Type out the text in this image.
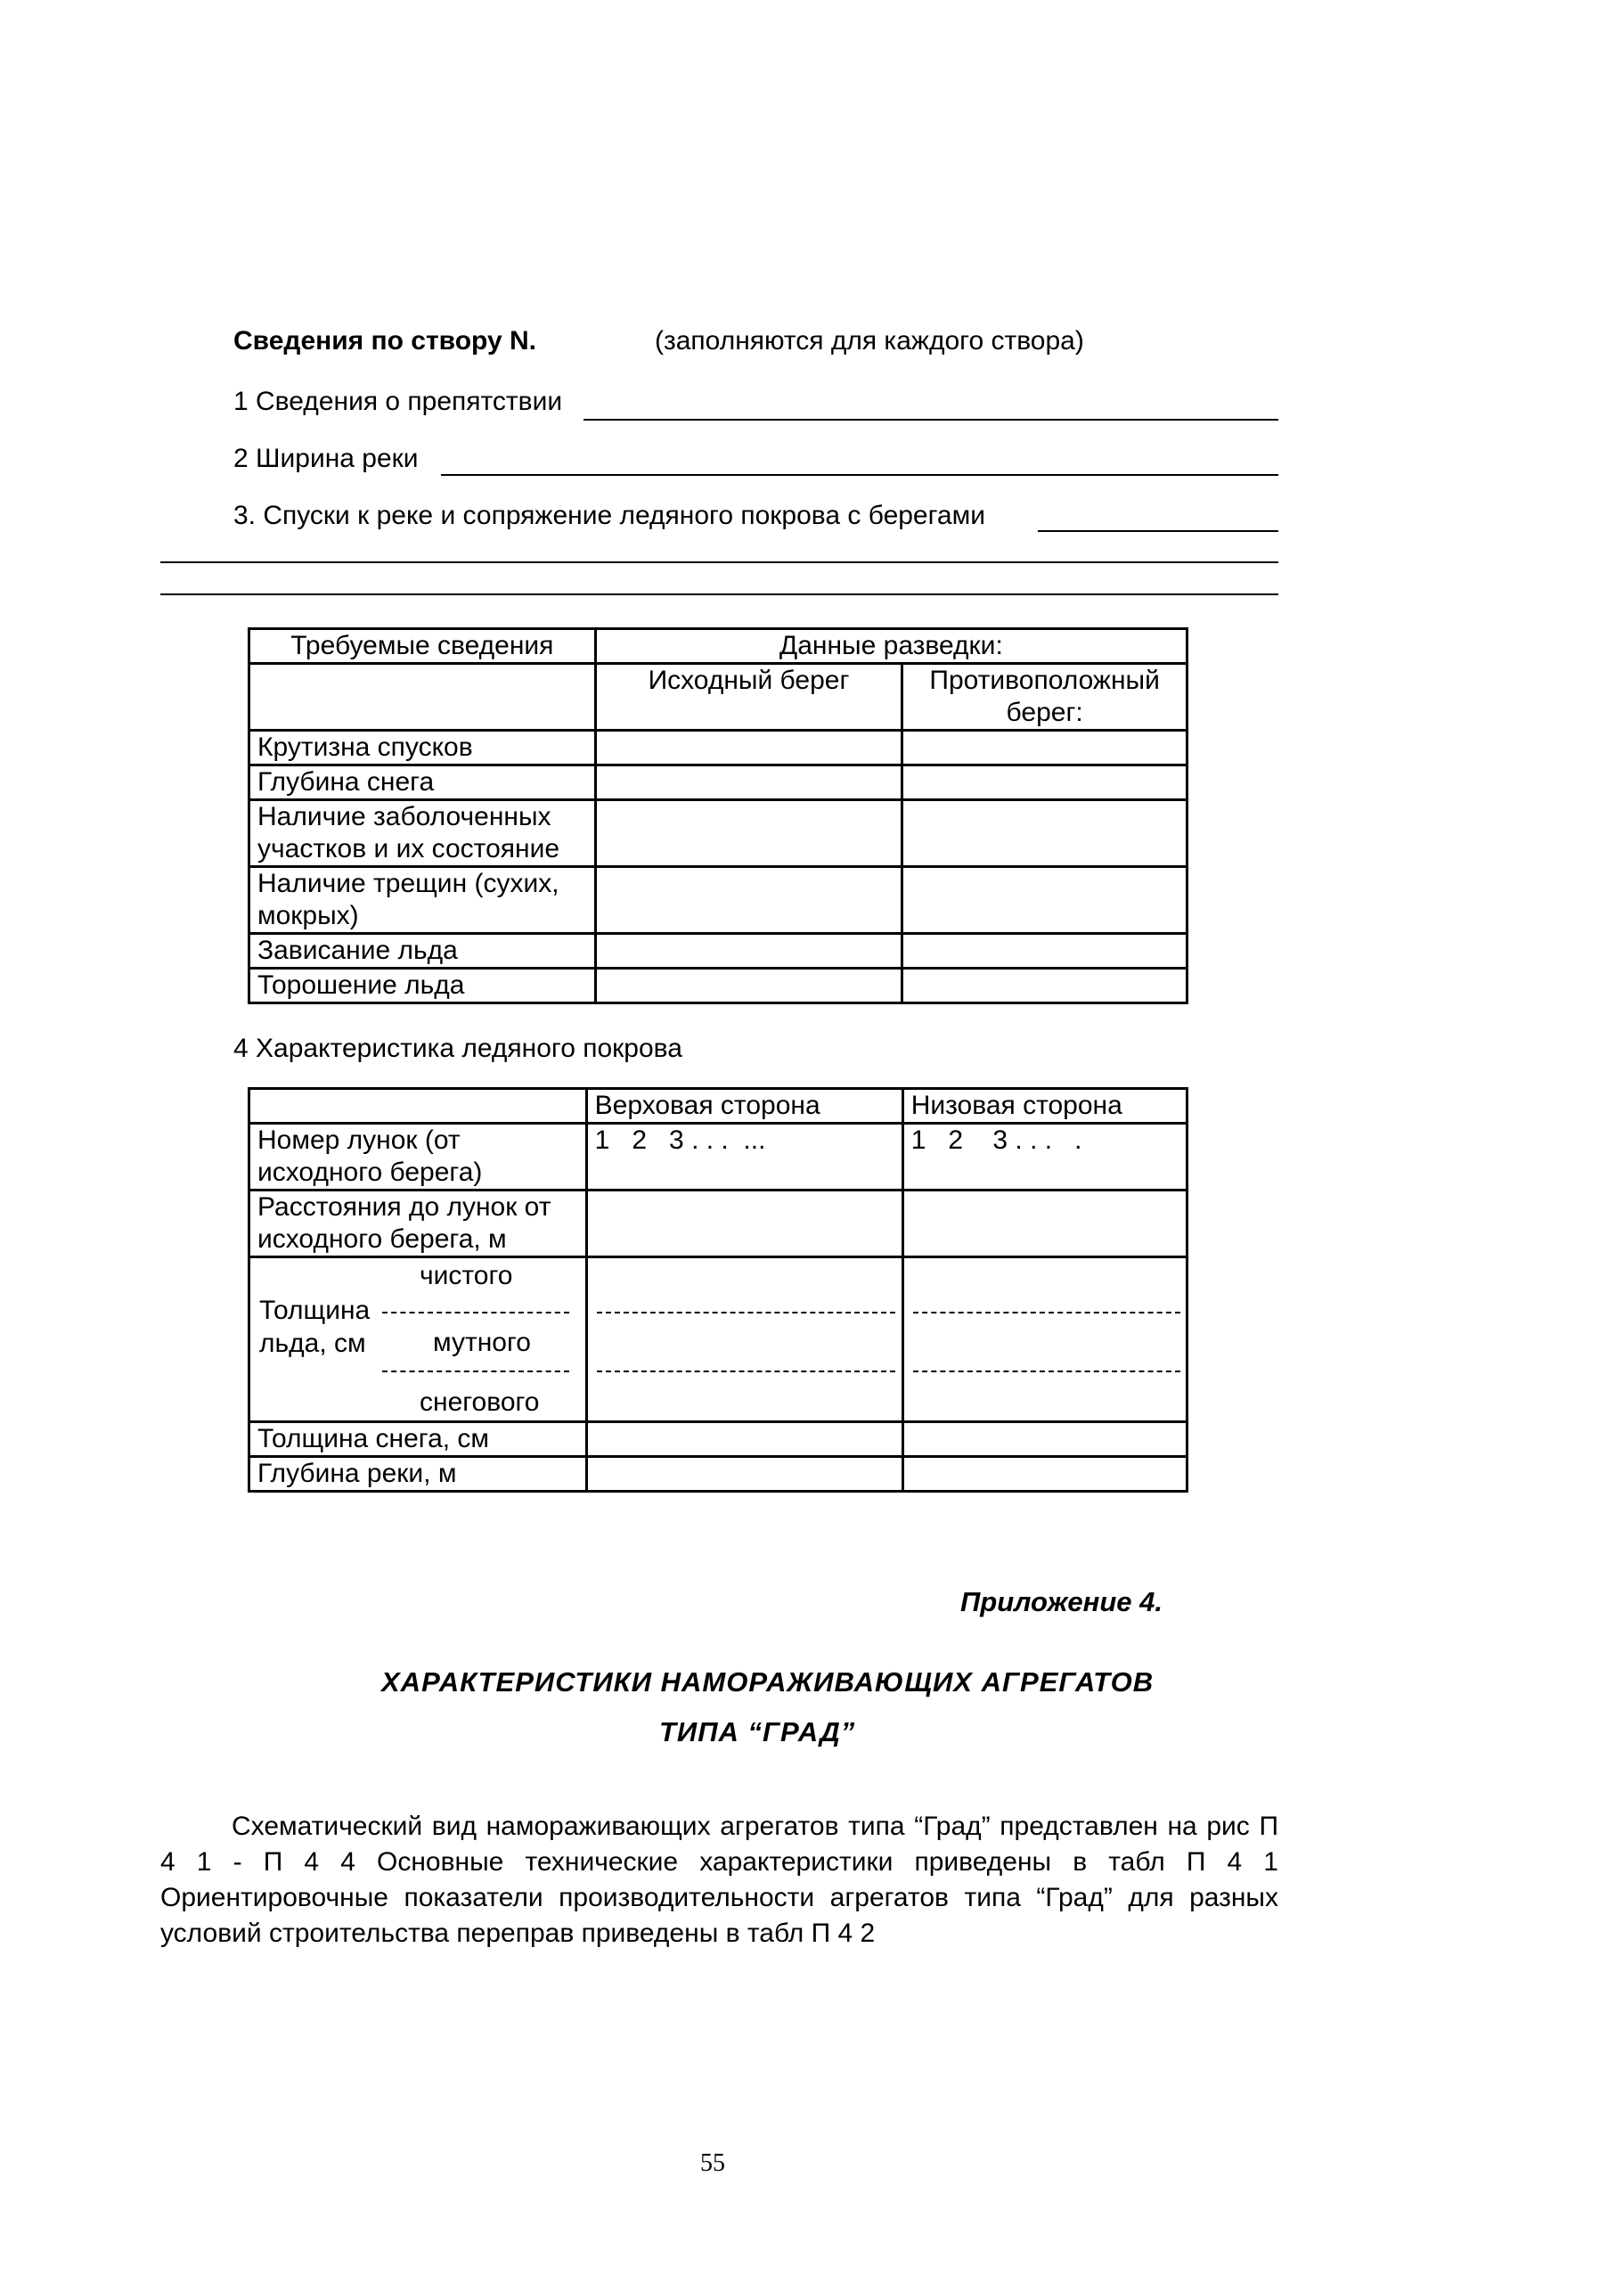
Сведения по створу N.	(заполняются для каждого створа)
1 Сведения о препятствии
2 Ширина реки
3. Спуски к реке и сопряжение ледяного покрова с берегами
Требуемые сведения	Данные разведки:	
	Исходный берег	Противоположный берег:
Крутизна спусков		
Глубина снега		
Наличие заболоченных участков и их состояние		
Наличие трещин (сухих, мокрых)		
Зависание льда		
Торошение льда		
4 Характеристика ледяного покрова
	Верховая сторона	Низовая сторона
Номер лунок (от исходного берега)	1   2   3 . . .  ...	1   2    3 . . .   .
Расстояния до лунок от исходного берега, м		

чистого
Толщина льда, см мутного
снегового		

Толщина снега, см		
Глубина реки, м		
Приложение 4.
ХАРАКТЕРИСТИКИ НАМОРАЖИВАЮЩИХ АГРЕГАТОВ
ТИПА “ГРАД”
Схематический вид намораживающих агрегатов типа “Град” представлен на рис П 4 1 - П 4 4 Основные технические характеристики приведены в табл П 4 1 Ориентировочные показатели производительности агрегатов типа “Град” для разных условий строительства переправ приведены в табл П 4 2
55
